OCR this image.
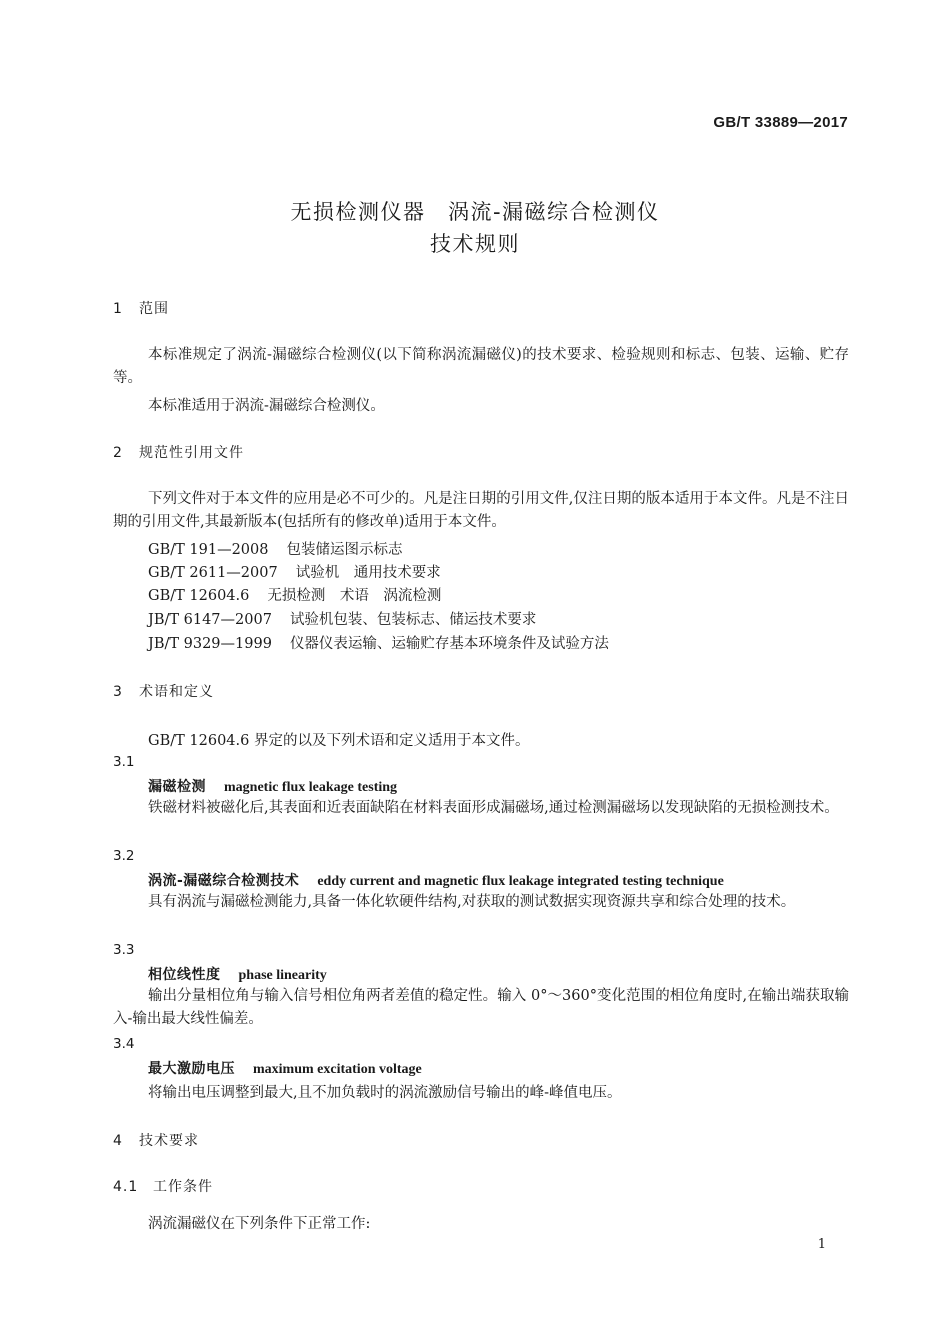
GB/T 33889—2017
无损检测仪器　涡流-漏磁综合检测仪
技术规则
1 范围
本标准规定了涡流-漏磁综合检测仪(以下简称涡流漏磁仪)的技术要求、检验规则和标志、包装、运输、贮存等。
本标准适用于涡流-漏磁综合检测仪。
2 规范性引用文件
下列文件对于本文件的应用是必不可少的。凡是注日期的引用文件,仅注日期的版本适用于本文件。凡是不注日期的引用文件,其最新版本(包括所有的修改单)适用于本文件。
GB/T 191—2008 包装储运图示标志
GB/T 2611—2007 试验机　通用技术要求
GB/T 12604.6 无损检测　术语　涡流检测
JB/T 6147—2007 试验机包装、包装标志、储运技术要求
JB/T 9329—1999 仪器仪表运输、运输贮存基本环境条件及试验方法
3 术语和定义
GB/T 12604.6 界定的以及下列术语和定义适用于本文件。
3.1
漏磁检测 magnetic flux leakage testing
铁磁材料被磁化后,其表面和近表面缺陷在材料表面形成漏磁场,通过检测漏磁场以发现缺陷的无损检测技术。
3.2
涡流-漏磁综合检测技术 eddy current and magnetic flux leakage integrated testing technique
具有涡流与漏磁检测能力,具备一体化软硬件结构,对获取的测试数据实现资源共享和综合处理的技术。
3.3
相位线性度 phase linearity
输出分量相位角与输入信号相位角两者差值的稳定性。输入 0°～360°变化范围的相位角度时,在输出端获取输入-输出最大线性偏差。
3.4
最大激励电压 maximum excitation voltage
将输出电压调整到最大,且不加负载时的涡流激励信号输出的峰-峰值电压。
4 技术要求
4.1 工作条件
涡流漏磁仪在下列条件下正常工作:
1
